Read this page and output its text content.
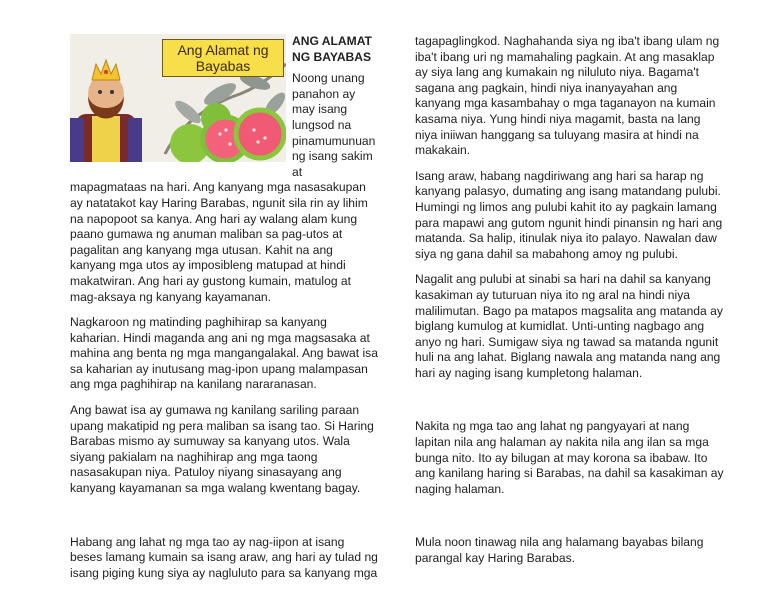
Ang Alamat ng
Bayabas
ANG ALAMAT
NG BAYABAS

Noong unang panahon ay may isang lungsod na pinamumunuan ng isang sakim at mapagmataas na hari. Ang kanyang mga nasasakupan ay natatakot kay Haring Barabas, ngunit sila rin ay lihim na napopoot sa kanya. Ang hari ay walang alam kung paano gumawa ng anuman maliban sa pag-utos at pagalitan ang kanyang mga utusan. Kahit na ang kanyang mga utos ay imposibleng matupad at hindi makatwiran. Ang hari ay gustong kumain, matulog at mag-aksaya ng kanyang kayamanan.

Nagkaroon ng matinding paghihirap sa kanyang kaharian. Hindi maganda ang ani ng mga magsasaka at mahina ang benta ng mga mangangalakal. Ang bawat isa sa kaharian ay inutusang mag-ipon upang malampasan ang mga paghihirap na kanilang nararanasan.

Ang bawat isa ay gumawa ng kanilang sariling paraan upang makatipid ng pera maliban sa isang tao. Si Haring Barabas mismo ay sumuway sa kanyang utos. Wala siyang pakialam na naghihirap ang mga taong nasasakupan niya. Patuloy niyang sinasayang ang kanyang kayamanan sa mga walang kwentang bagay.

Habang ang lahat ng mga tao ay nag-iipon at isang beses lamang kumain sa isang araw, ang hari ay tulad ng isang piging kung siya ay nagluluto para sa kanyang mga

tagapaglingkod. Naghahanda siya ng iba't ibang ulam ng iba't ibang uri ng mamahaling pagkain. At ang masaklap ay siya lang ang kumakain ng niluluto niya. Bagama't sagana ang pagkain, hindi niya inanyayahan ang kanyang mga kasambahay o mga taganayon na kumain kasama niya. Yung hindi niya magamit, basta na lang niya iniiwan hanggang sa tuluyang masira at hindi na makakain.

Isang araw, habang nagdiriwang ang hari sa harap ng kanyang palasyo, dumating ang isang matandang pulubi. Humingi ng limos ang pulubi kahit ito ay pagkain lamang para mapawi ang gutom ngunit hindi pinansin ng hari ang matanda. Sa halip, itinulak niya ito palayo. Nawalan daw siya ng gana dahil sa mabahong amoy ng pulubi.

Nagalit ang pulubi at sinabi sa hari na dahil sa kanyang kasakiman ay tuturuan niya ito ng aral na hindi niya malilimutan. Bago pa matapos magsalita ang matanda ay biglang kumulog at kumidlat. Unti-unting nagbago ang anyo ng hari. Sumigaw siya ng tawad sa matanda ngunit huli na ang lahat. Biglang nawala ang matanda nang ang hari ay naging isang kumpletong halaman.

Nakita ng mga tao ang lahat ng pangyayari at nang lapitan nila ang halaman ay nakita nila ang ilan sa mga bunga nito. Ito ay bilugan at may korona sa ibabaw. Ito ang kanilang haring si Barabas, na dahil sa kasakiman ay naging halaman.

Mula noon tinawag nila ang halamang bayabas bilang parangal kay Haring Barabas.
